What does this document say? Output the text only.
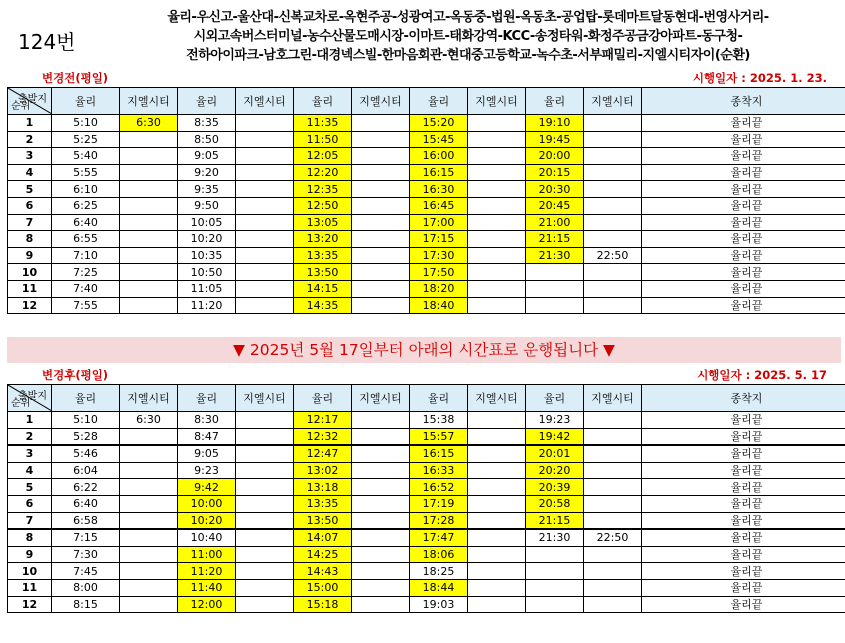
124번
율리-우신고-울산대-신복교차로-옥현주공-성광여고-옥동중-법원-옥동초-공업탑-롯데마트달동현대-번영사거리-
시외고속버스터미널-농수산물도매시장-이마트-태화강역-KCC-송정타워-화정주공금강아파트-동구청-
전하아이파크-남호그린-대경넥스빌-한마음회관-현대중고등학교-녹수초-서부패밀리-지엘시티자이(순환)
변경전(평일)	시행일자 : 2025. 1. 23.
출발지
순위	율리	지엘시티	율리	지엘시티	율리	지엘시티	율리	지엘시티	율리	지엘시티	종착지
1	5:10	6:30	8:35		11:35		15:20		19:10		율리끝
2	5:25		8:50		11:50		15:45		19:45		율리끝
3	5:40		9:05		12:05		16:00		20:00		율리끝
4	5:55		9:20		12:20		16:15		20:15		율리끝
5	6:10		9:35		12:35		16:30		20:30		율리끝
6	6:25		9:50		12:50		16:45		20:45		율리끝
7	6:40		10:05		13:05		17:00		21:00		율리끝
8	6:55		10:20		13:20		17:15		21:15		율리끝
9	7:10		10:35		13:35		17:30		21:30	22:50	율리끝
10	7:25		10:50		13:50		17:50				율리끝
11	7:40		11:05		14:15		18:20				율리끝
12	7:55		11:20		14:35		18:40				율리끝
▼ 2025년 5월 17일부터 아래의 시간표로 운행됩니다 ▼
변경후(평일)	시행일자 : 2025. 5. 17
출발지
순위	율리	지엘시티	율리	지엘시티	율리	지엘시티	율리	지엘시티	율리	지엘시티	종착지
1	5:10	6:30	8:30		12:17		15:38		19:23		율리끝
2	5:28		8:47		12:32		15:57		19:42		율리끝
3	5:46		9:05		12:47		16:15		20:01		율리끝
4	6:04		9:23		13:02		16:33		20:20		율리끝
5	6:22		9:42		13:18		16:52		20:39		율리끝
6	6:40		10:00		13:35		17:19		20:58		율리끝
7	6:58		10:20		13:50		17:28		21:15		율리끝
8	7:15		10:40		14:07		17:47		21:30	22:50	율리끝
9	7:30		11:00		14:25		18:06				율리끝
10	7:45		11:20		14:43		18:25				율리끝
11	8:00		11:40		15:00		18:44				율리끝
12	8:15		12:00		15:18		19:03				율리끝
